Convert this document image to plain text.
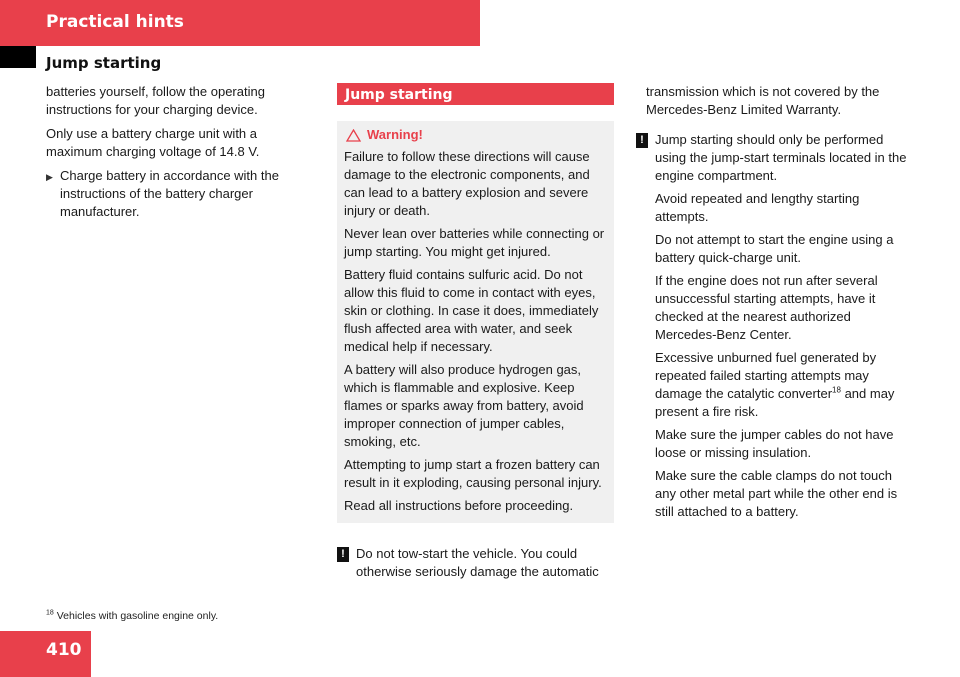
Practical hints
Jump starting

batteries yourself, follow the operating instructions for your charging device.

Only use a battery charge unit with a maximum charging voltage of 14.8 V.

▶ Charge battery in accordance with the instructions of the battery charger manufacturer.
Jump starting
Warning!

Failure to follow these directions will cause damage to the electronic components, and can lead to a battery explosion and severe injury or death.

Never lean over batteries while connecting or jump starting. You might get injured.

Battery fluid contains sulfuric acid. Do not allow this fluid to come in contact with eyes, skin or clothing. In case it does, immediately flush affected area with water, and seek medical help if necessary.

A battery will also produce hydrogen gas, which is flammable and explosive. Keep flames or sparks away from battery, avoid improper connection of jumper cables, smoking, etc.

Attempting to jump start a frozen battery can result in it exploding, causing personal injury.

Read all instructions before proceeding.

! Do not tow-start the vehicle. You could otherwise seriously damage the automatic

transmission which is not covered by the Mercedes-Benz Limited Warranty.

! Jump starting should only be performed using the jump-start terminals located in the engine compartment.

Avoid repeated and lengthy starting attempts.

Do not attempt to start the engine using a battery quick-charge unit.

If the engine does not run after several unsuccessful starting attempts, have it checked at the nearest authorized Mercedes-Benz Center.

Excessive unburned fuel generated by repeated failed starting attempts may damage the catalytic converter$^{18}$ and may present a fire risk.

Make sure the jumper cables do not have loose or missing insulation.

Make sure the cable clamps do not touch any other metal part while the other end is still attached to a battery.

$^{18}$ Vehicles with gasoline engine only.
410
